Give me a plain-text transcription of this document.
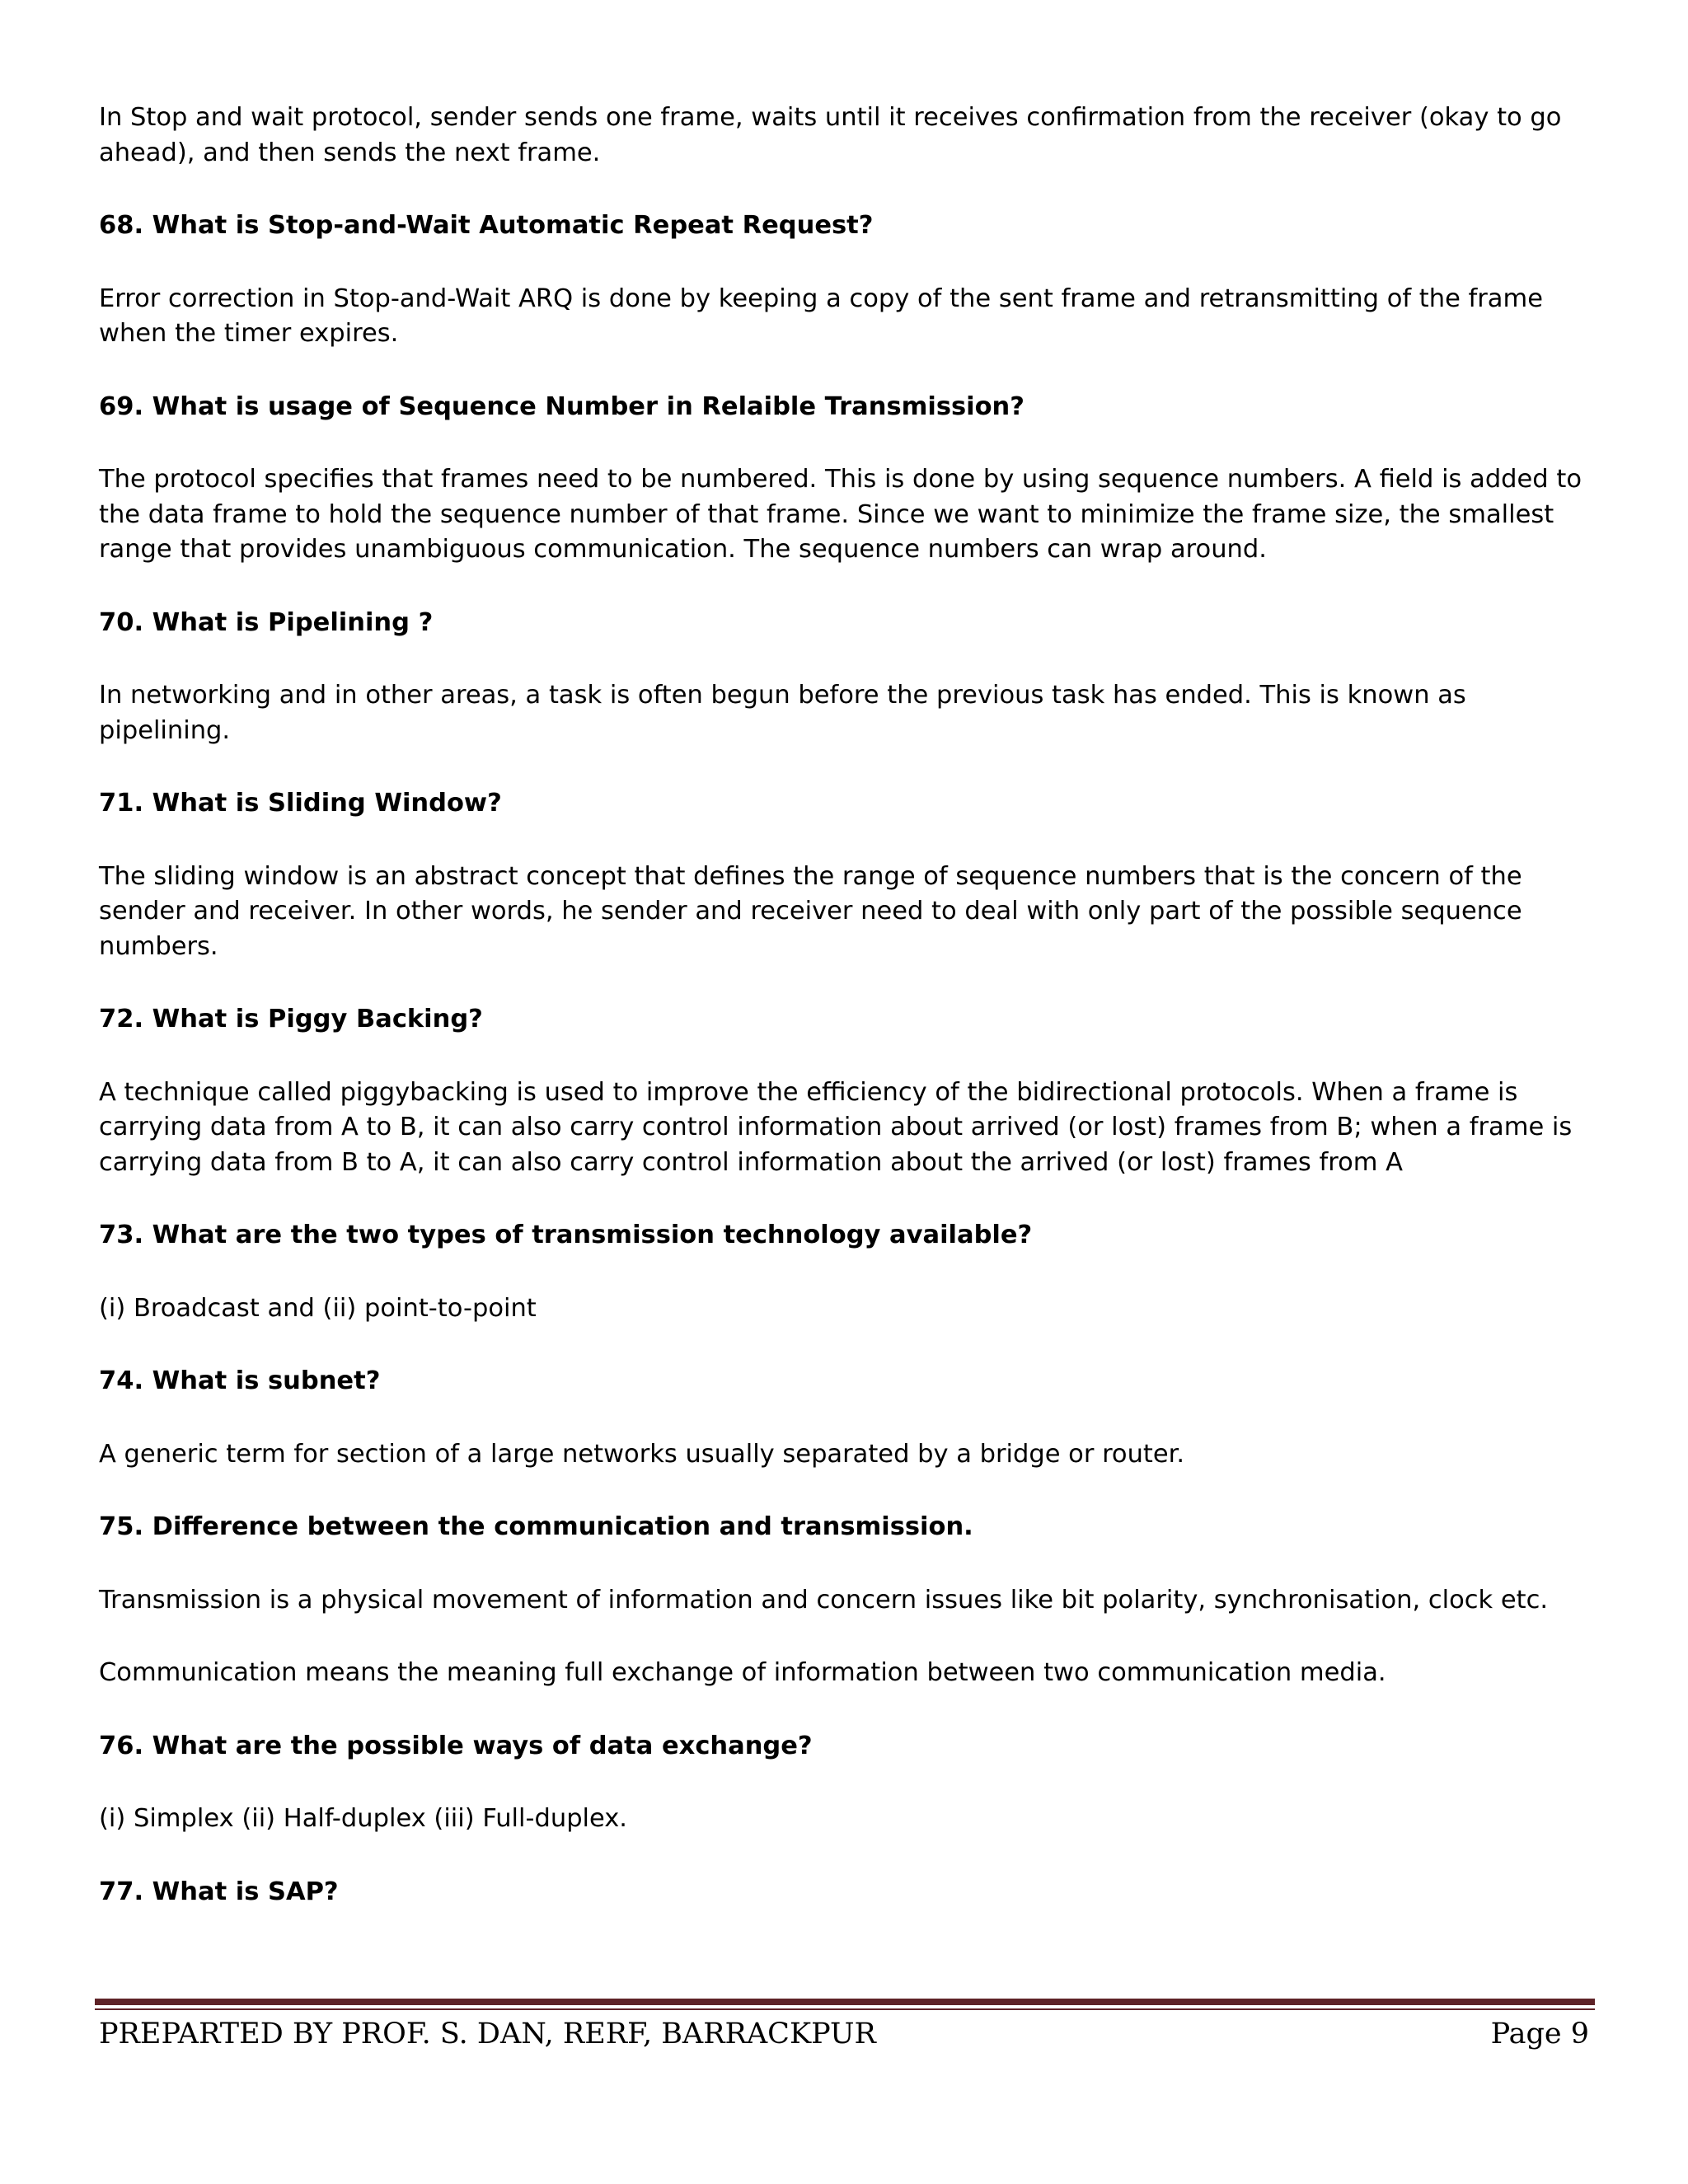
In Stop and wait protocol, sender sends one frame, waits until it receives confirmation from the receiver (okay to go ahead), and then sends the next frame.

68. What is Stop-and-Wait Automatic Repeat Request?

Error correction in Stop-and-Wait ARQ is done by keeping a copy of the sent frame and retransmitting of the frame when the timer expires.

69. What is usage of Sequence Number in Relaible Transmission?

The protocol specifies that frames need to be numbered. This is done by using sequence numbers. A field is added to the data frame to hold the sequence number of that frame. Since we want to minimize the frame size, the smallest range that provides unambiguous communication. The sequence numbers can wrap around.

70. What is Pipelining ?

In networking and in other areas, a task is often begun before the previous task has ended. This is known as pipelining.

71. What is Sliding Window?

The sliding window is an abstract concept that defines the range of sequence numbers that is the concern of the sender and receiver. In other words, he sender and receiver need to deal with only part of the possible sequence numbers.

72. What is Piggy Backing?

A technique called piggybacking is used to improve the efficiency of the bidirectional protocols. When a frame is carrying data from A to B, it can also carry control information about arrived (or lost) frames from B; when a frame is carrying data from B to A, it can also carry control information about the arrived (or lost) frames from A

73. What are the two types of transmission technology available?

(i) Broadcast and (ii) point-to-point

74. What is subnet?

A generic term for section of a large networks usually separated by a bridge or router.

75. Difference between the communication and transmission.

Transmission is a physical movement of information and concern issues like bit polarity, synchronisation, clock etc.

Communication means the meaning full exchange of information between two communication media.

76. What are the possible ways of data exchange?

(i) Simplex (ii) Half-duplex (iii) Full-duplex.

77. What is SAP?

PREPARTED BY PROF. S. DAN, RERF, BARRACKPUR	Page 9
